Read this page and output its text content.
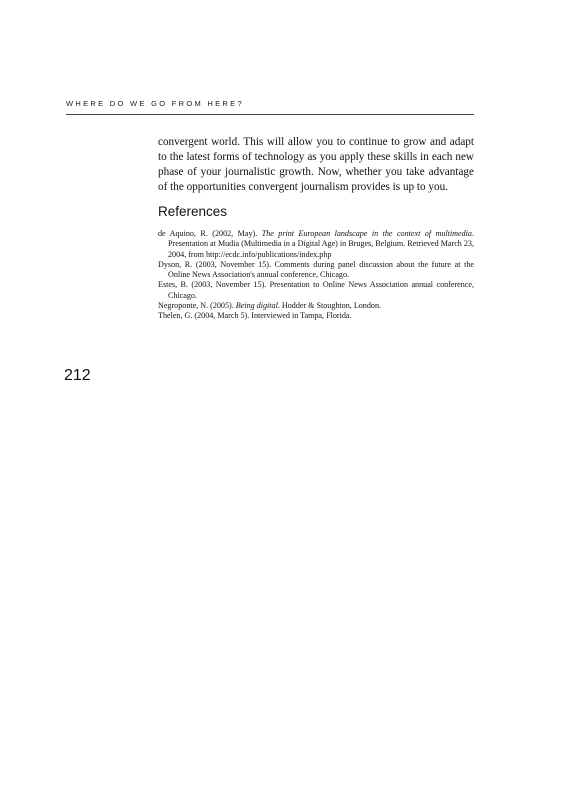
WHERE DO WE GO FROM HERE?

convergent world. This will allow you to continue to grow and adapt to the latest forms of technology as you apply these skills in each new phase of your journalistic growth. Now, whether you take advantage of the opportunities convergent journalism provides is up to you.

References
de Aquino, R. (2002, May). The print European landscape in the context of multimedia. Presentation at Mudia (Multimedia in a Digital Age) in Bruges, Belgium. Retrieved March 23, 2004, from http://ecdc.info/publications/index.php
Dyson, R. (2003, November 15). Comments during panel discussion about the future at the Online News Association's annual conference, Chicago.
Estes, B. (2003, November 15). Presentation to Online News Association annual conference, Chicago.
Negroponte, N. (2005). Being digital. Hodder & Stoughton, London.
Thelen, G. (2004, March 5). Interviewed in Tampa, Florida.
212
